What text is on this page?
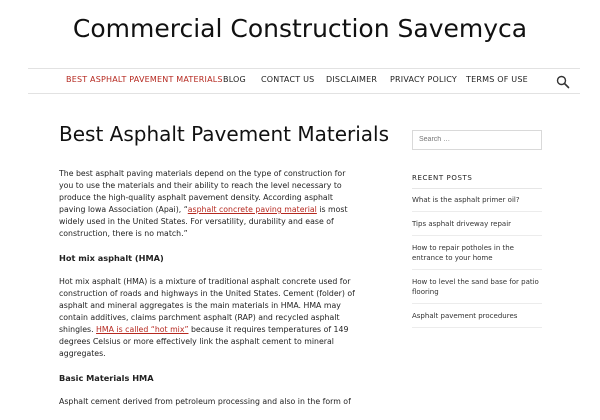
Commercial Construction Savemyca
BEST ASPHALT PAVEMENT MATERIALS BLOG CONTACT US DISCLAIMER PRIVACY POLICY TERMS OF USE
Best Asphalt Pavement Materials

The best asphalt paving materials depend on the type of construction for you to use the materials and their ability to reach the level necessary to produce the high-quality asphalt pavement density. According asphalt paving Iowa Association (Apai), “asphalt concrete paving material is most widely used in the United States. For versatility, durability and ease of construction, there is no match.”

Hot mix asphalt (HMA)

Hot mix asphalt (HMA) is a mixture of traditional asphalt concrete used for construction of roads and highways in the United States. Cement (folder) of asphalt and mineral aggregates is the main materials in HMA. HMA may contain additives, claims parchment asphalt (RAP) and recycled asphalt shingles. HMA is called “hot mix” because it requires temperatures of 149 degrees Celsius or more effectively link the asphalt cement to mineral aggregates.

Basic Materials HMA

Asphalt cement derived from petroleum processing and also in the form of

Search …
RECENT POSTS
What is the asphalt primer oil?
Tips asphalt driveway repair
How to repair potholes in the entrance to your home
How to level the sand base for patio flooring
Asphalt pavement procedures
